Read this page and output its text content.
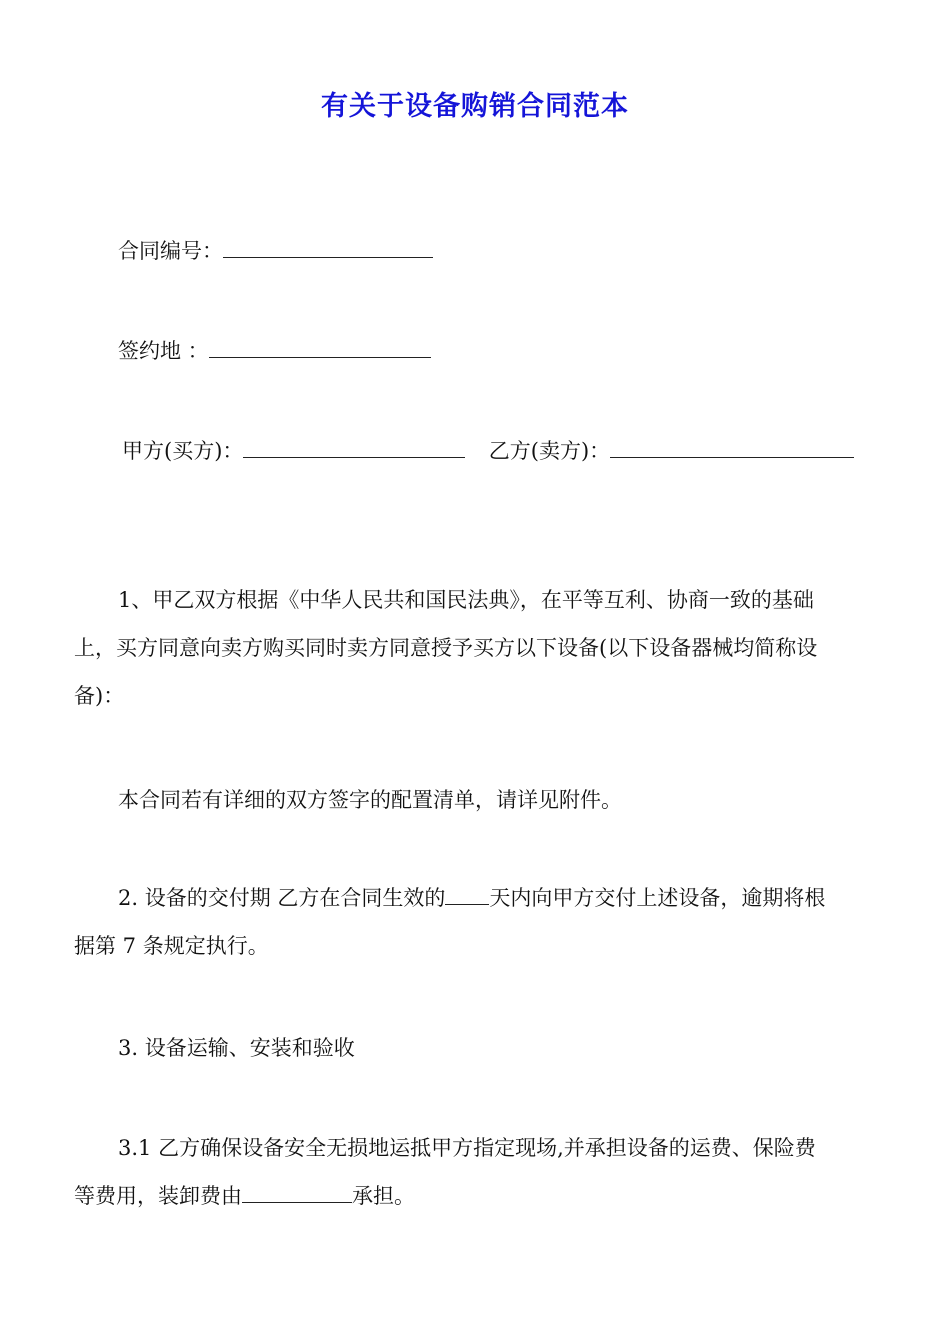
有关于设备购销合同范本
合同编号：
签约地 ：
甲方(买方)：	乙方(卖方)：
1、甲乙双方根据《中华人民共和国民法典》，在平等互利、协商一致的基础
上，买方同意向卖方购买同时卖方同意授予买方以下设备(以下设备器械均简称设
备)：
本合同若有详细的双方签字的配置清单，请详见附件。
2. 设备的交付期 乙方在合同生效的 天内向甲方交付上述设备，逾期将根
据第 7 条规定执行。
3. 设备运输、安装和验收
3.1 乙方确保设备安全无损地运抵甲方指定现场,并承担设备的运费、保险费
等费用，装卸费由	承担。
